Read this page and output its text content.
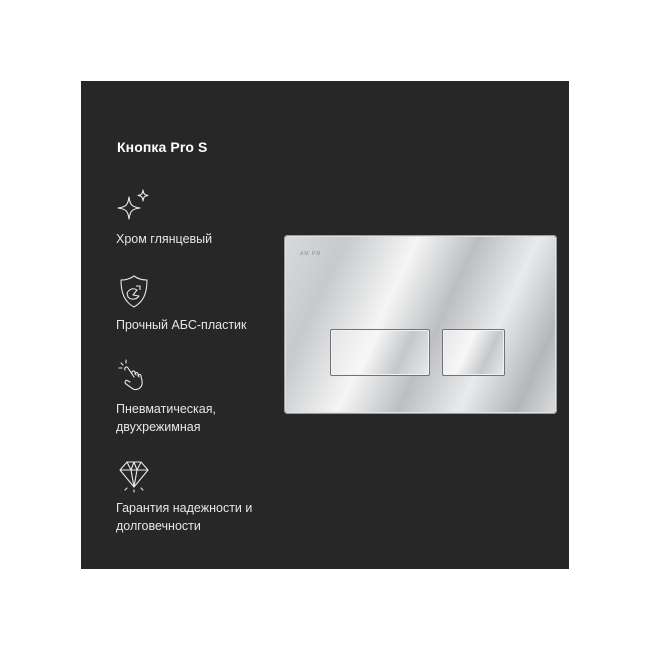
Кнопка Pro S
Хром глянцевый
Прочный АБС-пластик
Пневматическая,
двухрежимная
Гарантия надежности и
долговечности
AM.PM
